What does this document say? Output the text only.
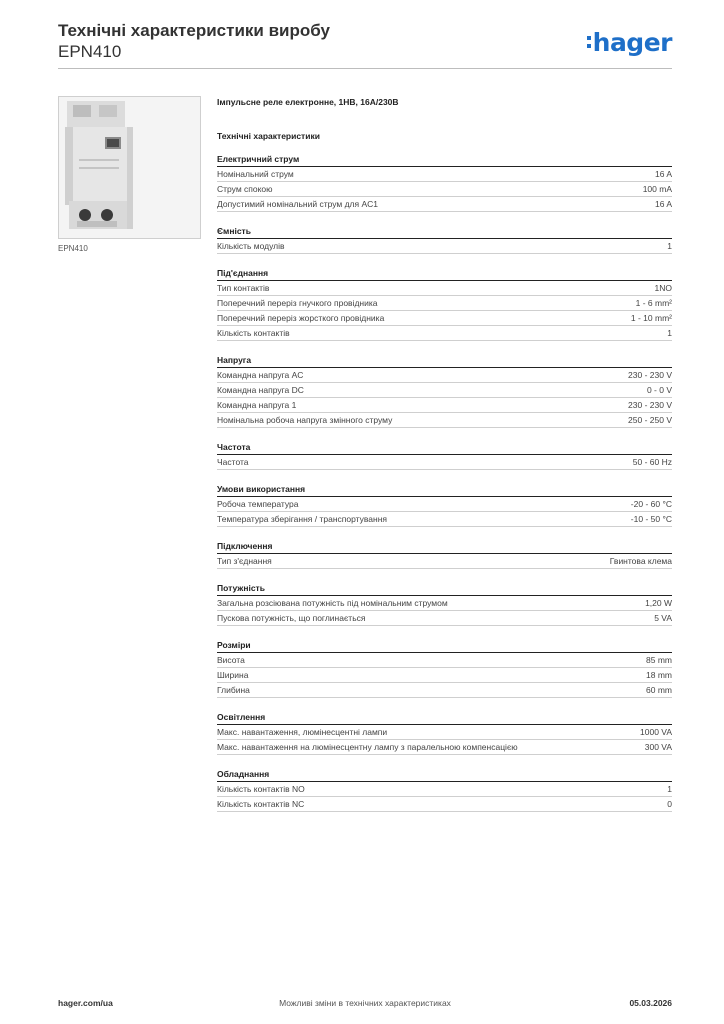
Технічні характеристики виробу
EPN410	hager
EPN410
Імпульсне реле електронне, 1НВ, 16А/230В
Технічні характеристики
Електричний струм
Номінальний струм	16 A
Струм спокою	100 mA
Допустимий номінальний струм для AC1	16 A
Ємність
Кількість модулів	1
Під'єднання
Тип контактів	1NO
Поперечний переріз гнучкого провідника	1 - 6 mm²
Поперечний переріз жорсткого провідника	1 - 10 mm²
Кількість контактів	1
Напруга
Командна напруга AC	230 - 230 V
Командна напруга DC	0 - 0 V
Командна напруга 1	230 - 230 V
Номінальна робоча напруга змінного струму	250 - 250 V
Частота
Частота	50 - 60 Hz
Умови використання
Робоча температура	-20 - 60 °C
Температура зберігання / транспортування	-10 - 50 °C
Підключення
Тип з'єднання	Гвинтова клема
Потужність
Загальна розсіювана потужність під номінальним струмом	1,20 W
Пускова потужність, що поглинається	5 VA
Розміри
Висота	85 mm
Ширина	18 mm
Глибина	60 mm
Освітлення
Макс. навантаження, люмінесцентні лампи	1000 VA
Макс. навантаження на люмінесцентну лампу з паралельною компенсацією	300 VA
Обладнання
Кількість контактів NO	1
Кількість контактів NC	0
hager.com/ua	Можливі зміни в технічних характеристиках	05.03.2026
